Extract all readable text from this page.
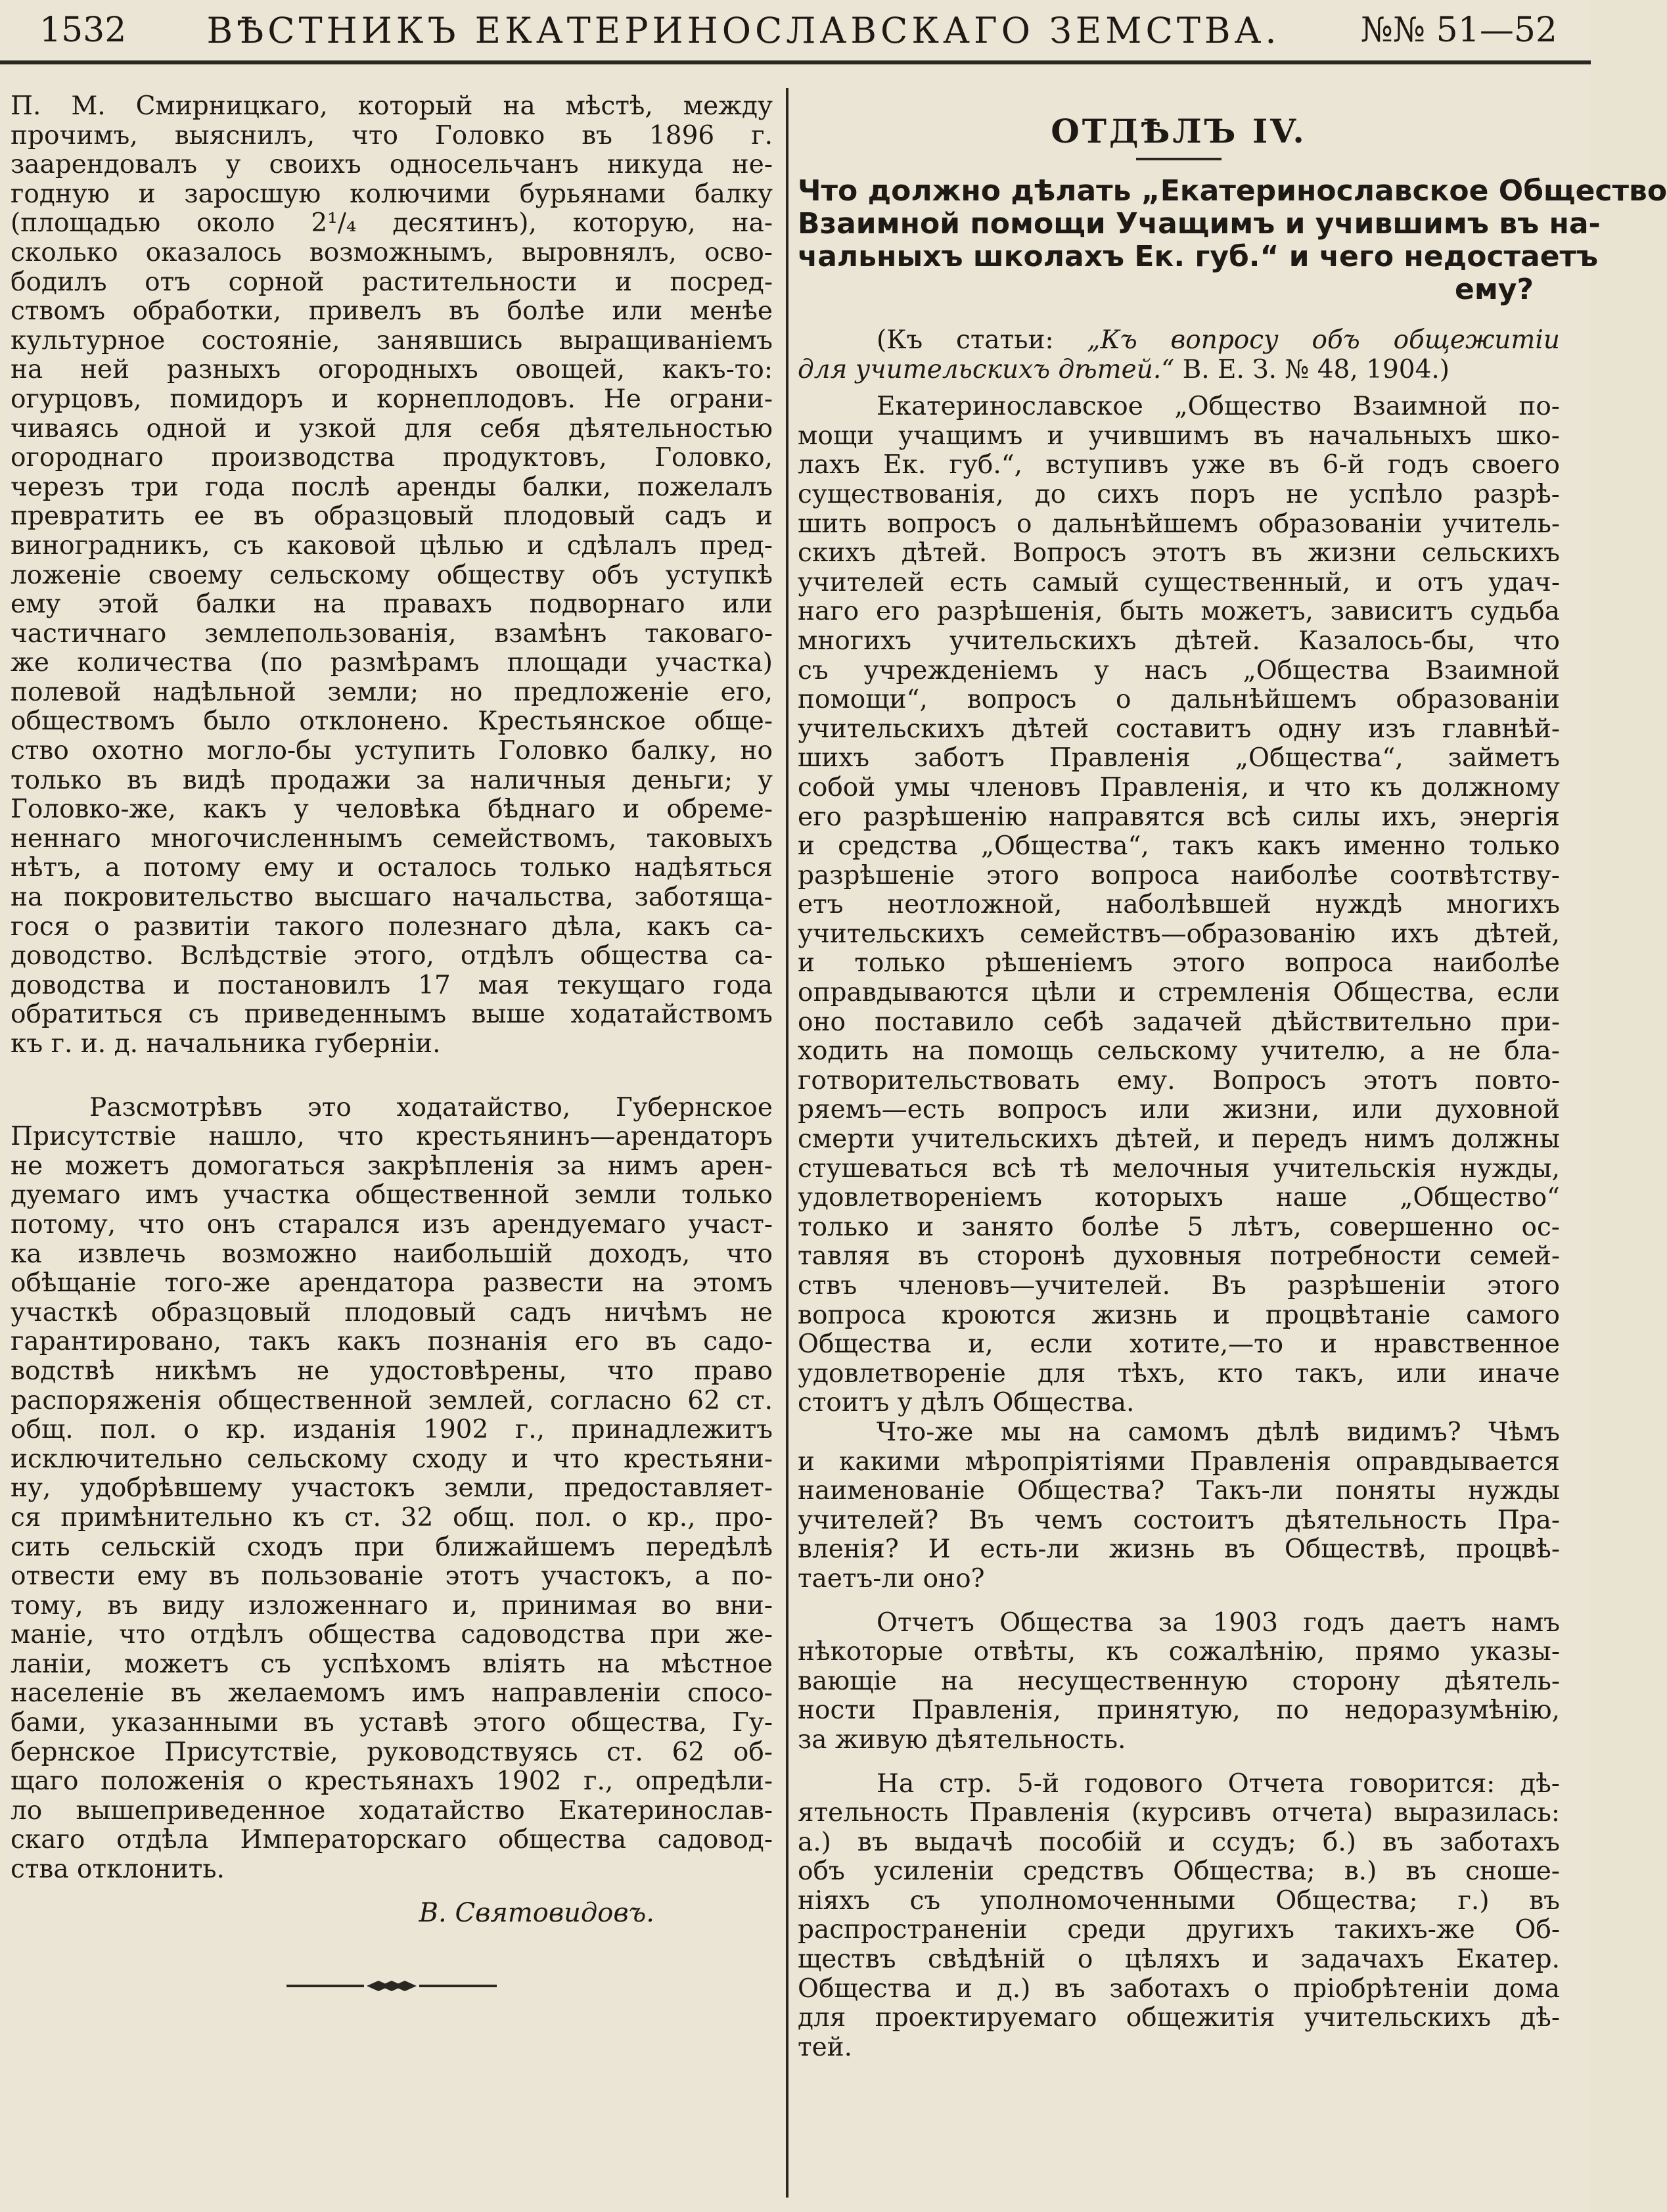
1532 ВѢСТНИКЪ ЕКАТЕРИНОСЛАВСКАГО ЗЕМСТВА. №№ 51—52
П. М. Смирницкаго, который на мѣстѣ, между
прочимъ, выяснилъ, что Головко въ 1896 г.
заарендовалъ у своихъ односельчанъ никуда не-
годную и заросшую колючими бурьянами балку
(площадью около 2¹/₄ десятинъ), которую, на-
сколько оказалось возможнымъ, выровнялъ, осво-
бодилъ отъ сорной растительности и посред-
ствомъ обработки, привелъ въ болѣе или менѣе
культурное состояніе, занявшись выращиваніемъ
на ней разныхъ огородныхъ овощей, какъ-то:
огурцовъ, помидоръ и корнеплодовъ. Не ограни-
чиваясь одной и узкой для себя дѣятельностью
огороднаго производства продуктовъ, Головко,
черезъ три года послѣ аренды балки, пожелалъ
превратить ее въ образцовый плодовый садъ и
виноградникъ, съ каковой цѣлью и сдѣлалъ пред-
ложеніе своему сельскому обществу объ уступкѣ
ему этой балки на правахъ подворнаго или
частичнаго землепользованія, взамѣнъ таковаго-
же количества (по размѣрамъ площади участка)
полевой надѣльной земли; но предложеніе его,
обществомъ было отклонено. Крестьянское обще-
ство охотно могло-бы уступить Головко балку, но
только въ видѣ продажи за наличныя деньги; у
Головко-же, какъ у человѣка бѣднаго и обреме-
неннаго многочисленнымъ семействомъ, таковыхъ
нѣтъ, а потому ему и осталось только надѣяться
на покровительство высшаго начальства, заботяща-
гося о развитіи такого полезнаго дѣла, какъ са-
доводство. Вслѣдствіе этого, отдѣлъ общества са-
доводства и постановилъ 17 мая текущаго года
обратиться съ приведеннымъ выше ходатайствомъ
къ г. и. д. начальника губерніи.
Разсмотрѣвъ это ходатайство, Губернское
Присутствіе нашло, что крестьянинъ—арендаторъ
не можетъ домогаться закрѣпленія за нимъ арен-
дуемаго имъ участка общественной земли только
потому, что онъ старался изъ арендуемаго участ-
ка извлечь возможно наибольшій доходъ, что
обѣщаніе того-же арендатора развести на этомъ
участкѣ образцовый плодовый садъ ничѣмъ не
гарантировано, такъ какъ познанія его въ садо-
водствѣ никѣмъ не удостовѣрены, что право
распоряженія общественной землей, согласно 62 ст.
общ. пол. о кр. изданія 1902 г., принадлежитъ
исключительно сельскому сходу и что крестьяни-
ну, удобрѣвшему участокъ земли, предоставляет-
ся примѣнительно къ ст. 32 общ. пол. о кр., про-
сить сельскій сходъ при ближайшемъ передѣлѣ
отвести ему въ пользованіе этотъ участокъ, а по-
тому, въ виду изложеннаго и, принимая во вни-
маніе, что отдѣлъ общества садоводства при же-
ланіи, можетъ съ успѣхомъ вліять на мѣстное
населеніе въ желаемомъ имъ направленіи спосо-
бами, указанными въ уставѣ этого общества, Гу-
бернское Присутствіе, руководствуясь ст. 62 об-
щаго положенія о крестьянахъ 1902 г., опредѣли-
ло вышеприведенное ходатайство Екатеринослав-
скаго отдѣла Императорскаго общества садовод-
ства отклонить.
В. Святовидовъ.
ОТДѢЛЪ IV.
Что должно дѣлать „Екатеринославское Общество
Взаимной помощи Учащимъ и учившимъ въ на-
чальныхъ школахъ Ек. губ.“ и чего недостаетъ
ему?
(Къ статьи: „Къ вопросу объ общежитіи
для учительскихъ дѣтей.“ В. Е. З. № 48, 1904.)
Екатеринославское „Общество Взаимной по-
мощи учащимъ и учившимъ въ начальныхъ шко-
лахъ Ек. губ.“, вступивъ уже въ 6-й годъ своего
существованія, до сихъ поръ не успѣло разрѣ-
шить вопросъ о дальнѣйшемъ образованіи учитель-
скихъ дѣтей. Вопросъ этотъ въ жизни сельскихъ
учителей есть самый существенный, и отъ удач-
наго его разрѣшенія, быть можетъ, зависитъ судьба
многихъ учительскихъ дѣтей. Казалось-бы, что
съ учрежденіемъ у насъ „Общества Взаимной
помощи“, вопросъ о дальнѣйшемъ образованіи
учительскихъ дѣтей составитъ одну изъ главнѣй-
шихъ заботъ Правленія „Общества“, займетъ
собой умы членовъ Правленія, и что къ должному
его разрѣшенію направятся всѣ силы ихъ, энергія
и средства „Общества“, такъ какъ именно только
разрѣшеніе этого вопроса наиболѣе соотвѣтству-
етъ неотложной, наболѣвшей нуждѣ многихъ
учительскихъ семействъ—образованію ихъ дѣтей,
и только рѣшеніемъ этого вопроса наиболѣе
оправдываются цѣли и стремленія Общества, если
оно поставило себѣ задачей дѣйствительно при-
ходить на помощь сельскому учителю, а не бла-
готворительствовать ему. Вопросъ этотъ повто-
ряемъ—есть вопросъ или жизни, или духовной
смерти учительскихъ дѣтей, и передъ нимъ должны
стушеваться всѣ тѣ мелочныя учительскія нужды,
удовлетвореніемъ которыхъ наше „Общество“
только и занято болѣе 5 лѣтъ, совершенно ос-
тавляя въ сторонѣ духовныя потребности семей-
ствъ членовъ—учителей. Въ разрѣшеніи этого
вопроса кроются жизнь и процвѣтаніе самого
Общества и, если хотите,—то и нравственное
удовлетвореніе для тѣхъ, кто такъ, или иначе
стоитъ у дѣлъ Общества.
Что-же мы на самомъ дѣлѣ видимъ? Чѣмъ
и какими мѣропріятіями Правленія оправдывается
наименованіе Общества? Такъ-ли поняты нужды
учителей? Въ чемъ состоитъ дѣятельность Пра-
вленія? И есть-ли жизнь въ Обществѣ, процвѣ-
таетъ-ли оно?
Отчетъ Общества за 1903 годъ даетъ намъ
нѣкоторые отвѣты, къ сожалѣнію, прямо указы-
вающіе на несущественную сторону дѣятель-
ности Правленія, принятую, по недоразумѣнію,
за живую дѣятельность.
На стр. 5-й годового Отчета говорится: дѣ-
ятельность Правленія (курсивъ отчета) выразилась:
а.) въ выдачѣ пособій и ссудъ; б.) въ заботахъ
объ усиленіи средствъ Общества; в.) въ сноше-
ніяхъ съ уполномоченными Общества; г.) въ
распространеніи среди другихъ такихъ-же Об-
ществъ свѣдѣній о цѣляхъ и задачахъ Екатер.
Общества и д.) въ заботахъ о пріобрѣтеніи дома
для проектируемаго общежитія учительскихъ дѣ-
тей.
